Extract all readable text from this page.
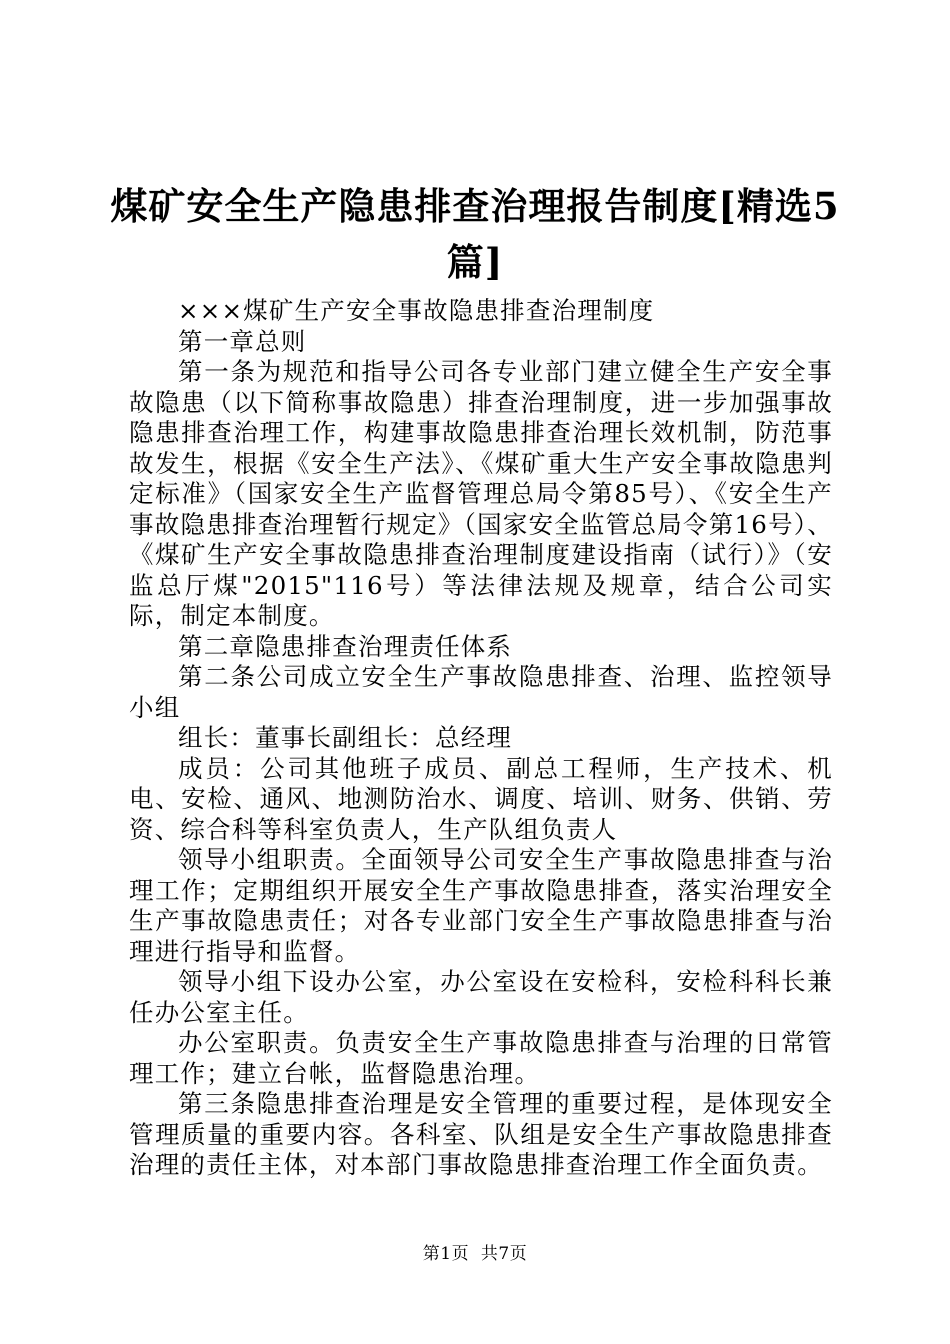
煤矿安全生产隐患排查治理报告制度[精选5篇]

×××煤矿生产安全事故隐患排查治理制度

第一章总则

第一条为规范和指导公司各专业部门建立健全生产安全事故隐患（以下简称事故隐患）排查治理制度，进一步加强事故隐患排查治理工作，构建事故隐患排查治理长效机制，防范事故发生，根据《安全生产法》、《煤矿重大生产安全事故隐患判定标准》（国家安全生产监督管理总局令第85号）、《安全生产事故隐患排查治理暂行规定》（国家安全监管总局令第16号）、《煤矿生产安全事故隐患排查治理制度建设指南（试行）》（安监总厅煤"2015"116号）等法律法规及规章，结合公司实际，制定本制度。

第二章隐患排查治理责任体系

第二条公司成立安全生产事故隐患排查、治理、监控领导小组

组长：董事长副组长：总经理

成员：公司其他班子成员、副总工程师，生产技术、机电、安检、通风、地测防治水、调度、培训、财务、供销、劳资、综合科等科室负责人，生产队组负责人

领导小组职责。全面领导公司安全生产事故隐患排查与治理工作；定期组织开展安全生产事故隐患排查，落实治理安全生产事故隐患责任；对各专业部门安全生产事故隐患排查与治理进行指导和监督。

领导小组下设办公室，办公室设在安检科，安检科科长兼任办公室主任。

办公室职责。负责安全生产事故隐患排查与治理的日常管理工作；建立台帐，监督隐患治理。

第三条隐患排查治理是安全管理的重要过程，是体现安全管理质量的重要内容。各科室、队组是安全生产事故隐患排查治理的责任主体，对本部门事故隐患排查治理工作全面负责。

第1页 共7页
